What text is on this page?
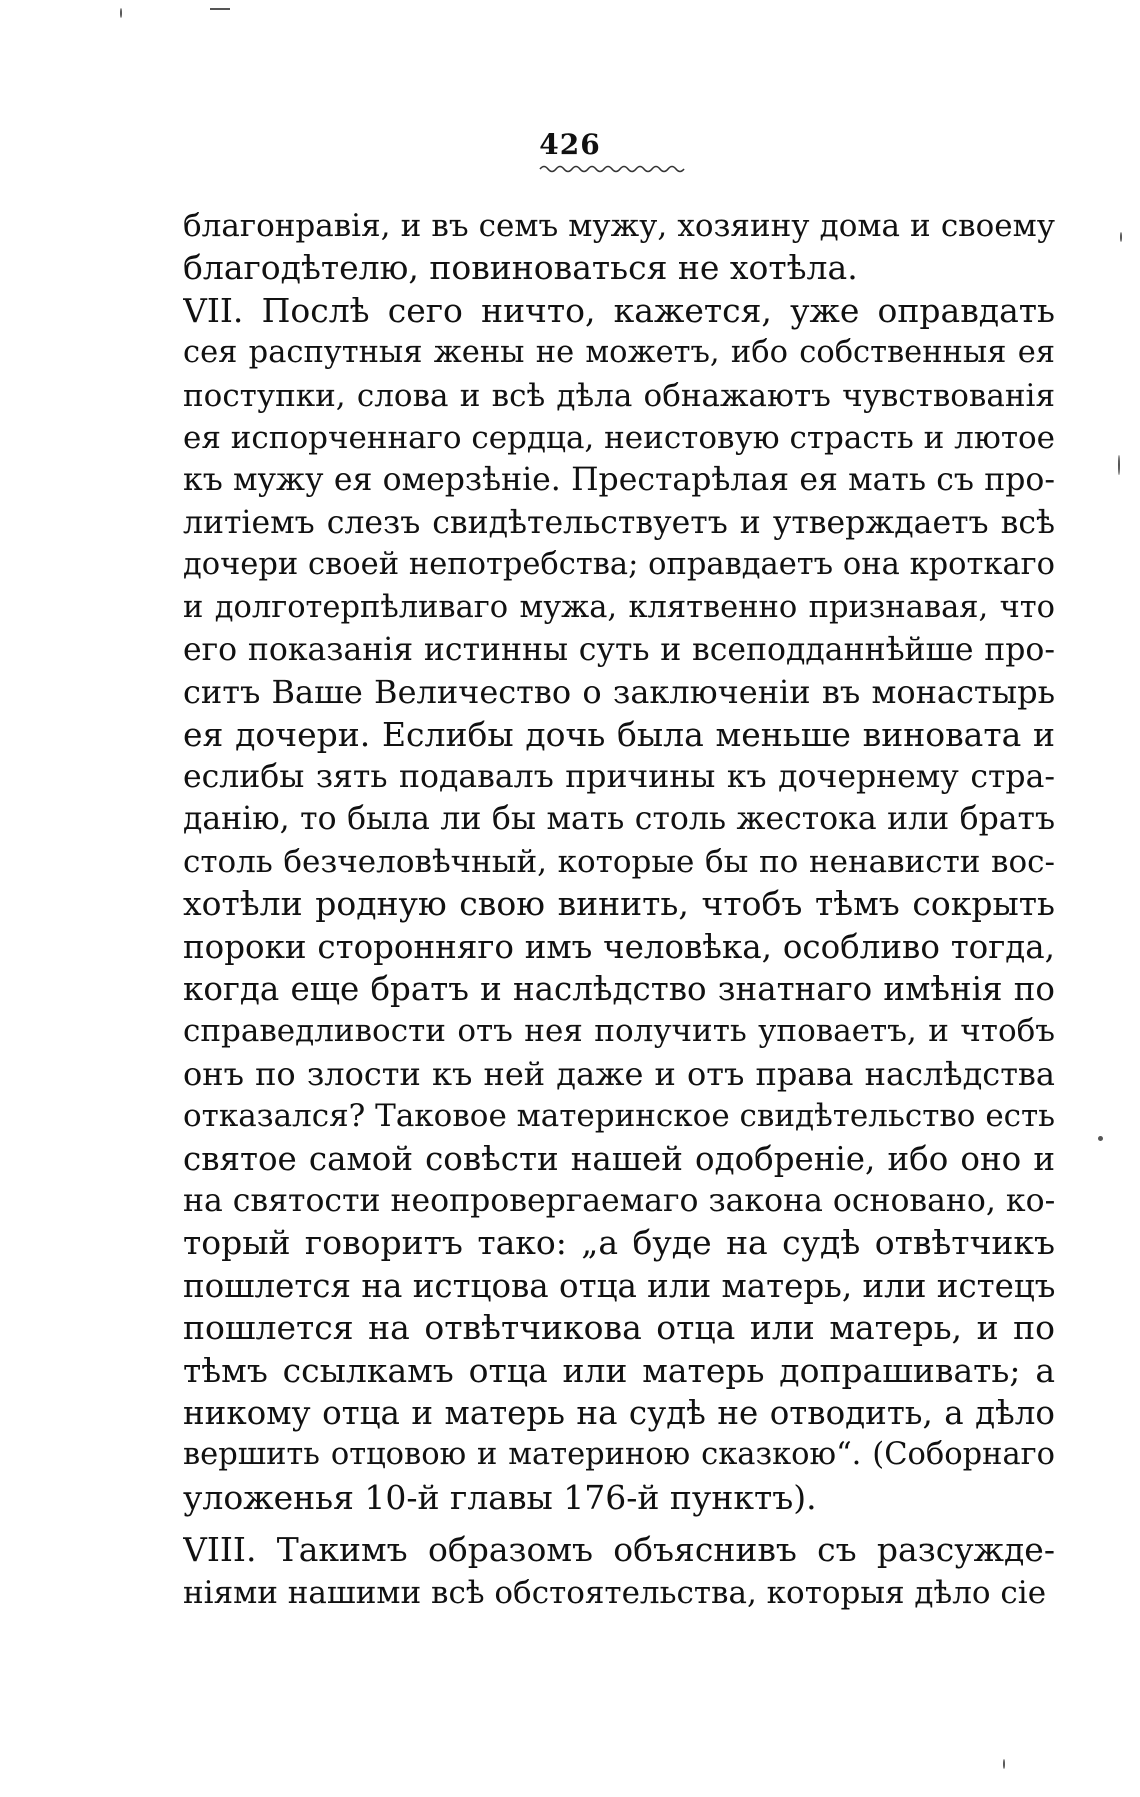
426
благонравія, и въ семъ мужу, хозяину дома и своему
благодѣтелю, повиноваться не хотѣла.
VII. Послѣ сего ничто, кажется, уже оправдать
сея распутныя жены не можетъ, ибо собственныя ея
поступки, слова и всѣ дѣла обнажаютъ чувствованія
ея испорченнаго сердца, неистовую страсть и лютое
къ мужу ея омерзѣніе. Престарѣлая ея мать съ про-
литіемъ слезъ свидѣтельствуетъ и утверждаетъ всѣ
дочери своей непотребства; оправдаетъ она кроткаго
и долготерпѣливаго мужа, клятвенно признавая, что
его показанія истинны суть и всеподданнѣйше про-
ситъ Ваше Величество о заключеніи въ монастырь
ея дочери. Еслибы дочь была меньше виновата и
еслибы зять подавалъ причины къ дочернему стра-
данію, то была ли бы мать столь жестока или братъ
столь безчеловѣчный, которые бы по ненависти вос-
хотѣли родную свою винить, чтобъ тѣмъ сокрыть
пороки стороннягo имъ человѣка, особливо тогда,
когда еще братъ и наслѣдство знатнаго имѣнія по
справедливости отъ нея получить уповаетъ, и чтобъ
онъ по злости къ ней даже и отъ права наслѣдства
отказался? Таковое материнское свидѣтельство есть
святое самой совѣсти нашей одобреніе, ибо оно и
на святости неопровергаемаго закона основано, ко-
торый говоритъ тако: „а буде на судѣ отвѣтчикъ
пошлется на истцова отца или матерь, или истецъ
пошлется на отвѣтчикова отца или матерь, и по
тѣмъ ссылкамъ отца или матерь допрашивать; а
никому отца и матерь на судѣ не отводить, а дѣло
вершить отцовою и материною сказкою“. (Соборнаго
уложенья 10-й главы 176-й пунктъ).
VIII. Такимъ образомъ объяснивъ съ разсужде-
ніями нашими всѣ обстоятельства, которыя дѣло сіе
